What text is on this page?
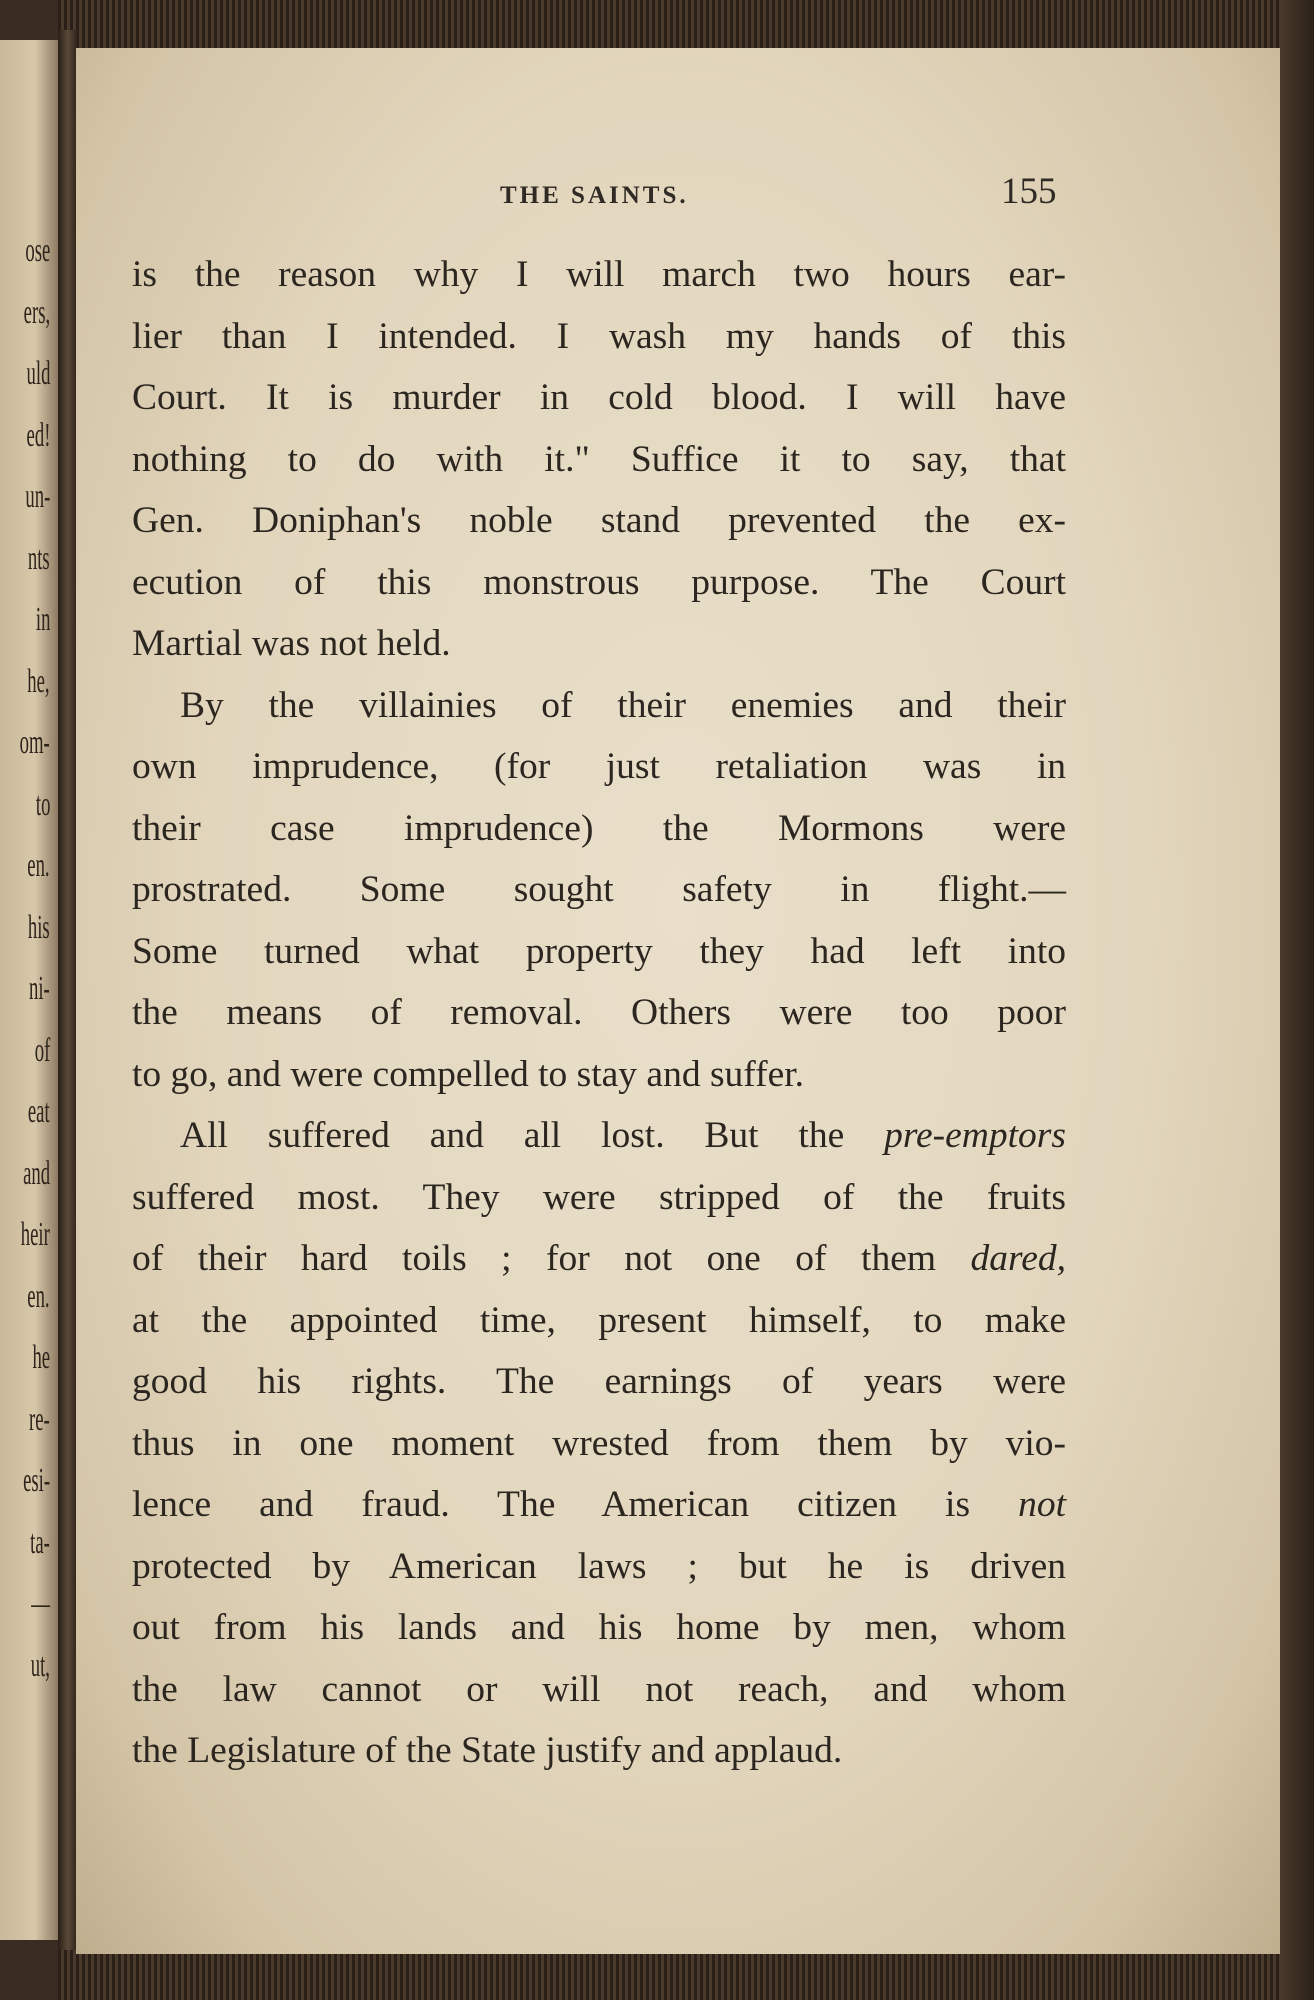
ose
ers,
uld
ed!
un-
nts
in
he,
om-
to
en.
his
ni-
of
eat
and
heir
en.
he
re-
esi-
ta-
—
ut,
THE SAINTS.	155

is the reason why I will march two hours ear-
lier than I intended. I wash my hands of this
Court. It is murder in cold blood. I will have
nothing to do with it." Suffice it to say, that
Gen. Doniphan's noble stand prevented the ex-
ecution of this monstrous purpose. The Court
Martial was not held.

By the villainies of their enemies and their
own imprudence, (for just retaliation was in
their case imprudence) the Mormons were
prostrated. Some sought safety in flight.—
Some turned what property they had left into
the means of removal. Others were too poor
to go, and were compelled to stay and suffer.

All suffered and all lost. But the pre-emptors
suffered most. They were stripped of the fruits
of their hard toils ; for not one of them dared,
at the appointed time, present himself, to make
good his rights. The earnings of years were
thus in one moment wrested from them by vio-
lence and fraud. The American citizen is not
protected by American laws ; but he is driven
out from his lands and his home by men, whom
the law cannot or will not reach, and whom
the Legislature of the State justify and applaud.
